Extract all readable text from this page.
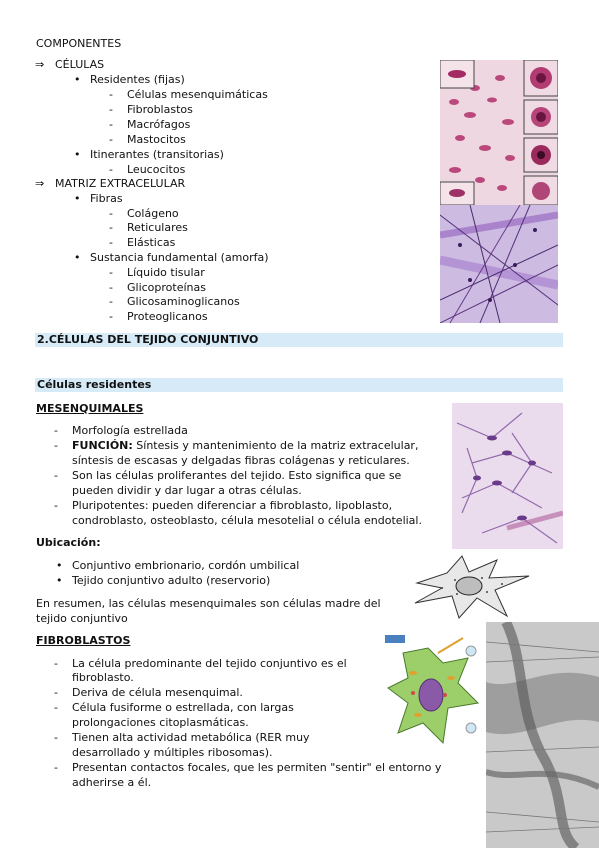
COMPONENTES
⇒ CÉLULAS
• Residentes (fijas)
- Células mesenquimáticas
- Fibroblastos
- Macrófagos
- Mastocitos
• Itinerantes (transitorias)
- Leucocitos
⇒ MATRIZ EXTRACELULAR
• Fibras
- Colágeno
- Reticulares
- Elásticas
• Sustancia fundamental (amorfa)
- Líquido tisular
- Glicoproteínas
- Glicosaminoglicanos
- Proteoglicanos
2.CÉLULAS DEL TEJIDO CONJUNTIVO
Células residentes
MESENQUIMALES
- Morfología estrellada
- FUNCIÓN: Síntesis y mantenimiento de la matriz extracelular,
síntesis de escasas y delgadas fibras colágenas y reticulares.
- Son las células proliferantes del tejido. Esto significa que se
pueden dividir y dar lugar a otras células.
- Pluripotentes: pueden diferenciar a fibroblasto, lipoblasto,
condroblasto, osteoblasto, célula mesotelial o célula endotelial.
Ubicación:
• Conjuntivo embrionario, cordón umbilical
• Tejido conjuntivo adulto (reservorio)
En resumen, las células mesenquimales son células madre del
tejido conjuntivo
FIBROBLASTOS
- La célula predominante del tejido conjuntivo es el
fibroblasto.
- Deriva de célula mesenquimal.
- Célula fusiforme o estrellada, con largas
prolongaciones citoplasmáticas.
- Tienen alta actividad metabólica (RER muy
desarrollado y múltiples ribosomas).
- Presentan contactos focales, que les permiten "sentir" el entorno y
adherirse a él.
